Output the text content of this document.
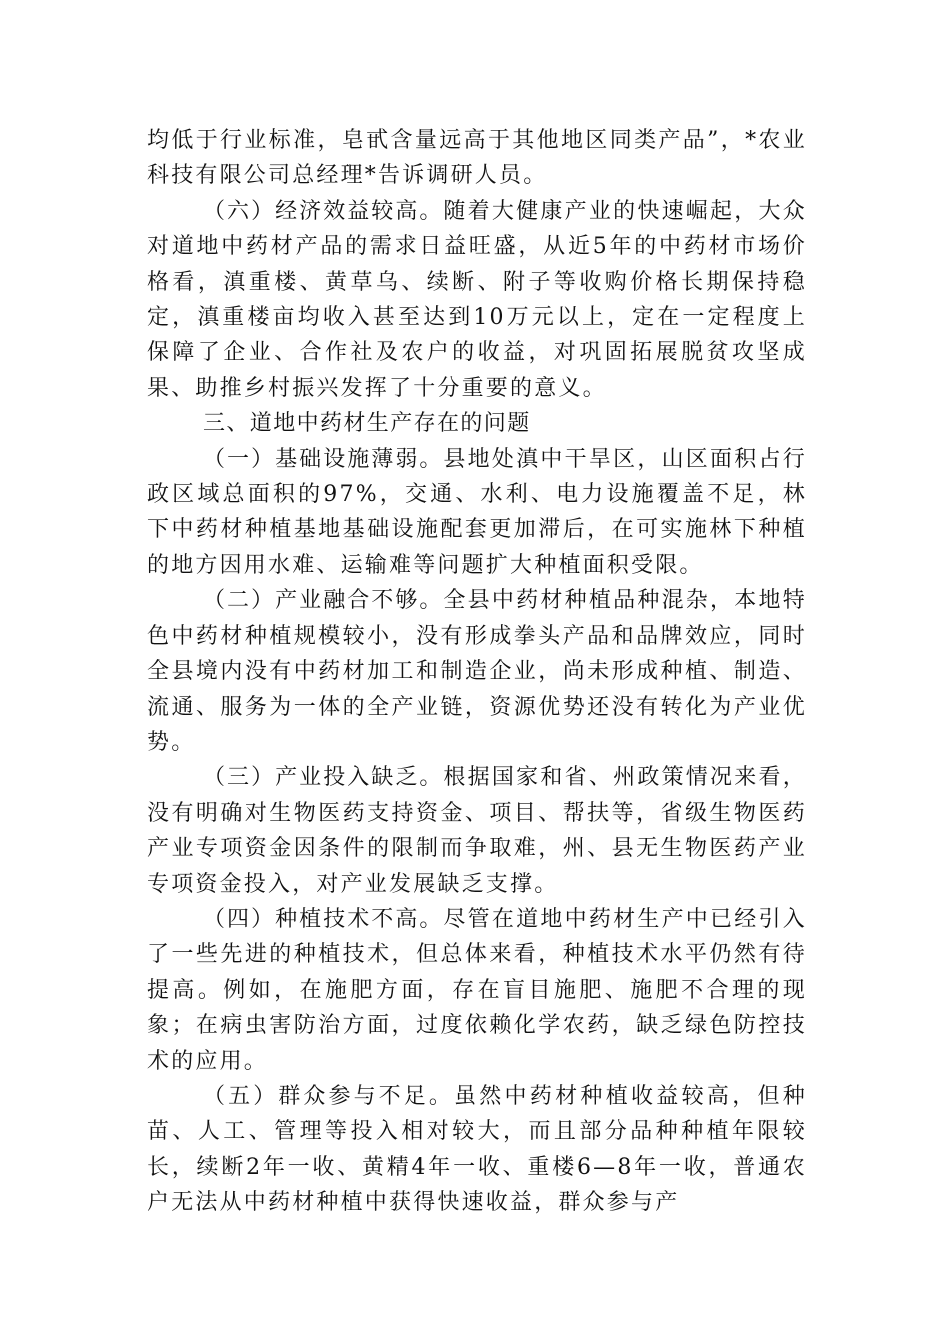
均低于行业标准，皂甙含量远高于其他地区同类产品”，*农业科技有限公司总经理*告诉调研人员。

（六）经济效益较高。随着大健康产业的快速崛起，大众对道地中药材产品的需求日益旺盛，从近5年的中药材市场价格看，滇重楼、黄草乌、续断、附子等收购价格长期保持稳定，滇重楼亩均收入甚至达到10万元以上，定在一定程度上保障了企业、合作社及农户的收益，对巩固拓展脱贫攻坚成果、助推乡村振兴发挥了十分重要的意义。

三、道地中药材生产存在的问题

（一）基础设施薄弱。县地处滇中干旱区，山区面积占行政区域总面积的97%，交通、水利、电力设施覆盖不足，林下中药材种植基地基础设施配套更加滞后，在可实施林下种植的地方因用水难、运输难等问题扩大种植面积受限。

（二）产业融合不够。全县中药材种植品种混杂，本地特色中药材种植规模较小，没有形成拳头产品和品牌效应，同时全县境内没有中药材加工和制造企业，尚未形成种植、制造、流通、服务为一体的全产业链，资源优势还没有转化为产业优势。

（三）产业投入缺乏。根据国家和省、州政策情况来看，没有明确对生物医药支持资金、项目、帮扶等，省级生物医药产业专项资金因条件的限制而争取难，州、县无生物医药产业专项资金投入，对产业发展缺乏支撑。

（四）种植技术不高。尽管在道地中药材生产中已经引入了一些先进的种植技术，但总体来看，种植技术水平仍然有待提高。例如，在施肥方面，存在盲目施肥、施肥不合理的现象；在病虫害防治方面，过度依赖化学农药，缺乏绿色防控技术的应用。

（五）群众参与不足。虽然中药材种植收益较高，但种苗、人工、管理等投入相对较大，而且部分品种种植年限较长，续断2年一收、黄精4年一收、重楼6—8年一收，普通农户无法从中药材种植中获得快速收益，群众参与产
